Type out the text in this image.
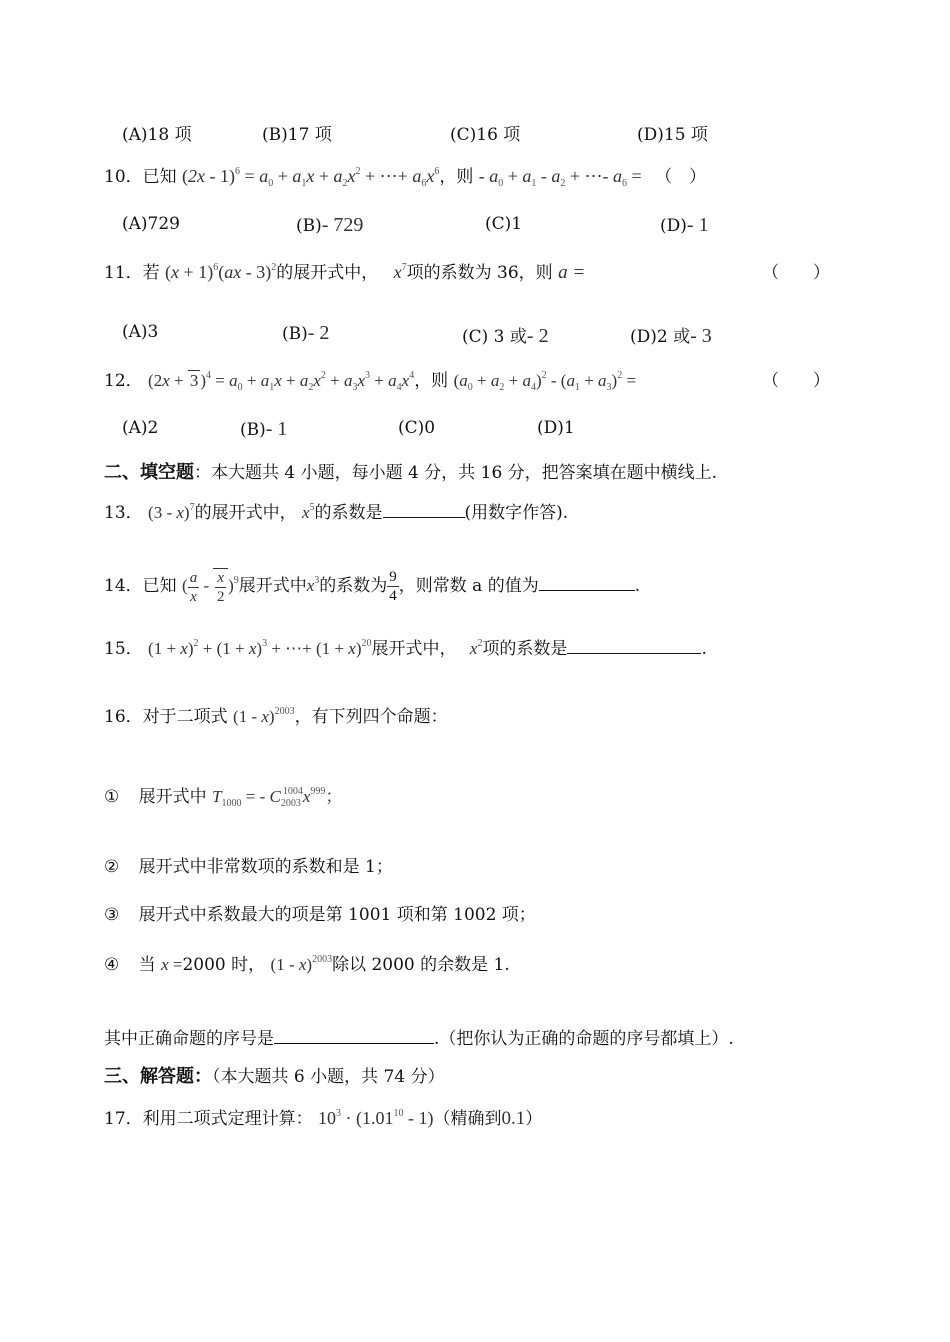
(A)18 项	(B)17 项	(C)16 项	(D)15 项
10．已知 $(2x - 1)^6 = a_0 + a_1x + a_2x^2$ + ⋯+ $a_6x^6$，则 - $a_0 + a_1 - a_2$ + ⋯- $a_6$ = （　）
(A)729	(B)- 729	(C)1	(D)- 1
11．若 $(x + 1)^6(ax - 3)^2$的展开式中， $x^7$项的系数为 36，则 a =	（　　）
(A)3	(B)- 2	(C) 3 或- 2	(D)2 或- 3
12． (2x + 3 )$^4 = a_0 + a_1x + a_2x^2 + a_3x^3 + a_4x^4$，则 $(a_0 + a_2 + a_4)^2 - (a_1 + a_3)^2$ =	（　　）
(A)2	(B)- 1	(C)0	(D)1
二、填空题：本大题共 4 小题，每小题 4 分，共 16 分，把答案填在题中横线上.
13． (3 - x)$^7$的展开式中， $x^5$的系数是	(用数字作答).
14．已知 ( $\frac{a}{x} - \frac{x}{2} )^9$展开式中$x^3$的系数为 $\frac{9}{4}$ ，则常数 a 的值为	.
15． $(1 + x)^2 + (1 + x)^3$ + ⋯+ $(1 + x)^{20}$展开式中， $x^2$项的系数是	.
16．对于二项式 (1 - x)$^{2003}$，有下列四个命题：
① 展开式中 $T_{1000}$ = - $C_{2003}^{1004}x^{999}$；
② 展开式中非常数项的系数和是 1；
③ 展开式中系数最大的项是第 1001 项和第 1002 项；
④ 当 x =2000 时， (1 - x)$^{2003}$除以 2000 的余数是 1.
其中正确命题的序号是	.（把你认为正确的命题的序号都填上）.
三、解答题：（本大题共 6 小题，共 74 分）
17．利用二项式定理计算： $10^3 \cdot (1.01^{10} - 1)$（精确到0.1）
